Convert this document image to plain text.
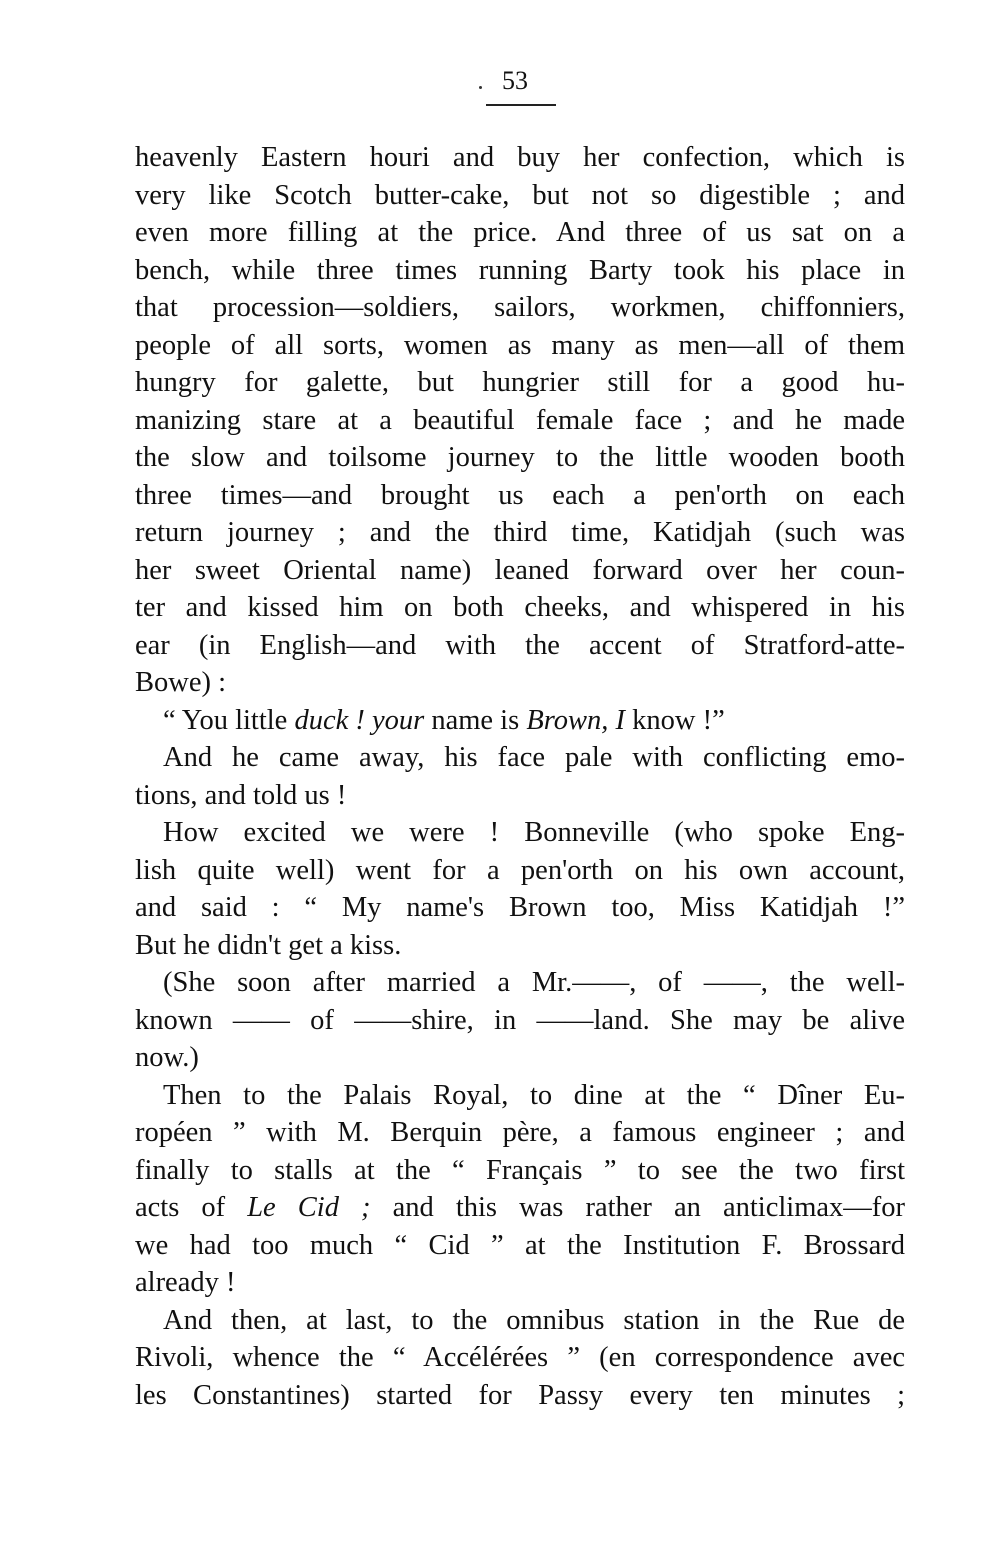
53
heavenly Eastern houri and buy her confection, which is
very like Scotch butter-cake, but not so digestible ; and
even more filling at the price. And three of us sat on a
bench, while three times running Barty took his place in
that procession—soldiers, sailors, workmen, chiffonniers,
people of all sorts, women as many as men—all of them
hungry for galette, but hungrier still for a good hu-
manizing stare at a beautiful female face ; and he made
the slow and toilsome journey to the little wooden booth
three times—and brought us each a pen'orth on each
return journey ; and the third time, Katidjah (such was
her sweet Oriental name) leaned forward over her coun-
ter and kissed him on both cheeks, and whispered in his
ear (in English—and with the accent of Stratford-atte-
Bowe) :
“ You little duck ! your name is Brown, I know !”
And he came away, his face pale with conflicting emo-
tions, and told us !
How excited we were ! Bonneville (who spoke Eng-
lish quite well) went for a pen'orth on his own account,
and said : “ My name's Brown too, Miss Katidjah !”
But he didn't get a kiss.
(She soon after married a Mr.——, of ——, the well-
known —— of ——shire, in ——land. She may be alive
now.)
Then to the Palais Royal, to dine at the “ Dîner Eu-
ropéen ” with M. Berquin père, a famous engineer ; and
finally to stalls at the “ Français ” to see the two first
acts of Le Cid ; and this was rather an anticlimax—for
we had too much “ Cid ” at the Institution F. Brossard
already !
And then, at last, to the omnibus station in the Rue de
Rivoli, whence the “ Accélérées ” (en correspondence avec
les Constantines) started for Passy every ten minutes ;
